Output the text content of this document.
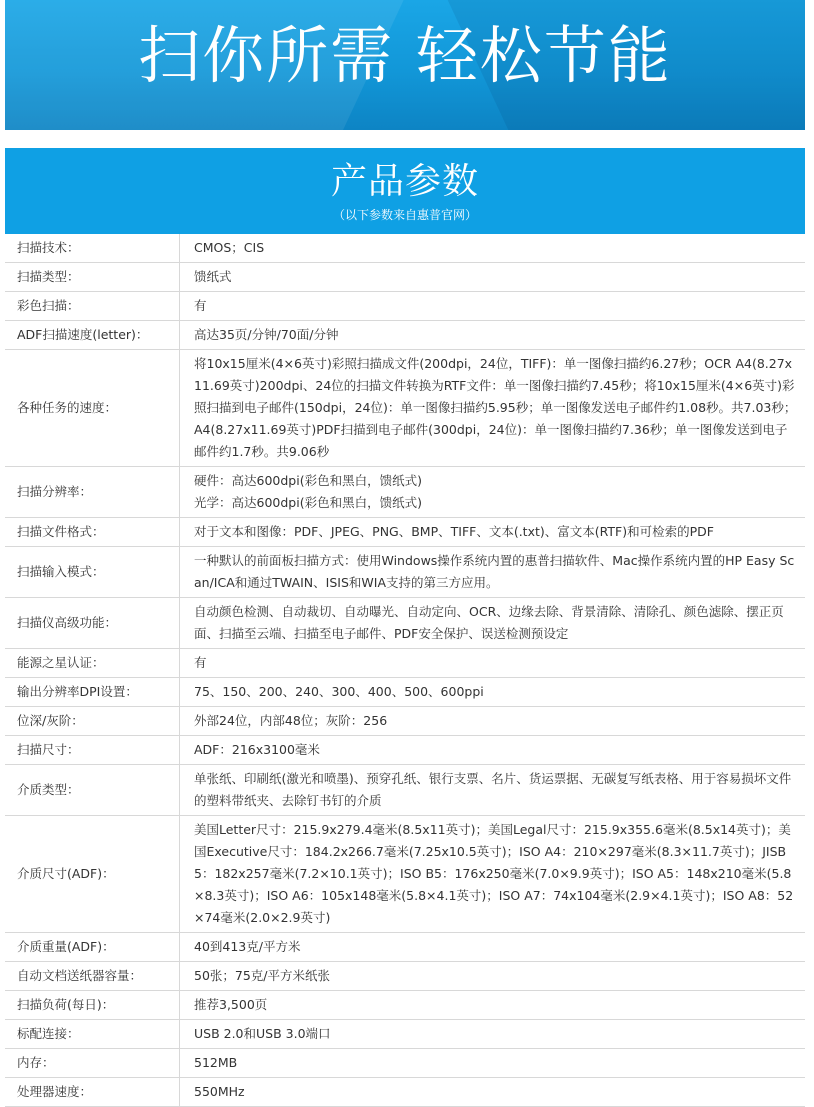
扫你所需 轻松节能
产品参数
（以下参数来自惠普官网）
扫描技术：	CMOS；CIS
扫描类型：	馈纸式
彩色扫描：	有
ADF扫描速度(letter)：	高达35页/分钟/70面/分钟
各种任务的速度：	将10x15厘米(4×6英寸)彩照扫描成文件(200dpi，24位，TIFF)：单一图像扫描约6.27秒；OCR A4(8.27x11.69英寸)200dpi、24位的扫描文件转换为RTF文件：单一图像扫描约7.45秒；将10x15厘米(4×6英寸)彩照扫描到电子邮件(150dpi，24位)：单一图像扫描约5.95秒；单一图像发送电子邮件约1.08秒。共7.03秒；A4(8.27x11.69英寸)PDF扫描到电子邮件(300dpi，24位)：单一图像扫描约7.36秒；单一图像发送到电子邮件约1.7秒。共9.06秒
扫描分辨率：	硬件：高达600dpi(彩色和黑白，馈纸式)
光学：高达600dpi(彩色和黑白，馈纸式)

扫描文件格式：	对于文本和图像：PDF、JPEG、PNG、BMP、TIFF、文本(.txt)、富文本(RTF)和可检索的PDF
扫描输入模式：	一种默认的前面板扫描方式：使用Windows操作系统内置的惠普扫描软件、Mac操作系统内置的HP Easy Scan/ICA和通过TWAIN、ISIS和WIA支持的第三方应用。
扫描仪高级功能：	自动颜色检测、自动裁切、自动曝光、自动定向、OCR、边缘去除、背景清除、清除孔、颜色滤除、摆正页面、扫描至云端、扫描至电子邮件、PDF安全保护、误送检测预设定
能源之星认证：	有
输出分辨率DPI设置：	75、150、200、240、300、400、500、600ppi
位深/灰阶：	外部24位，内部48位；灰阶：256
扫描尺寸：	ADF：216x3100毫米
介质类型：	单张纸、印刷纸(激光和喷墨)、预穿孔纸、银行支票、名片、货运票据、无碳复写纸表格、用于容易损坏文件的塑料带纸夹、去除钉书钉的介质
介质尺寸(ADF)：	美国Letter尺寸：215.9x279.4毫米(8.5x11英寸)；美国Legal尺寸：215.9x355.6毫米(8.5x14英寸)；美国Executive尺寸：184.2x266.7毫米(7.25x10.5英寸)；ISO A4：210×297毫米(8.3×11.7英寸)；JISB5：182x257毫米(7.2×10.1英寸)；ISO B5：176x250毫米(7.0×9.9英寸)；ISO A5：148x210毫米(5.8×8.3英寸)；ISO A6：105x148毫米(5.8×4.1英寸)；ISO A7：74x104毫米(2.9×4.1英寸)；ISO A8：52×74毫米(2.0×2.9英寸)
介质重量(ADF)：	40到413克/平方米
自动文档送纸器容量：	50张；75克/平方米纸张
扫描负荷(每日)：	推荐3,500页
标配连接：	USB 2.0和USB 3.0端口
内存：	512MB
处理器速度：	550MHz
